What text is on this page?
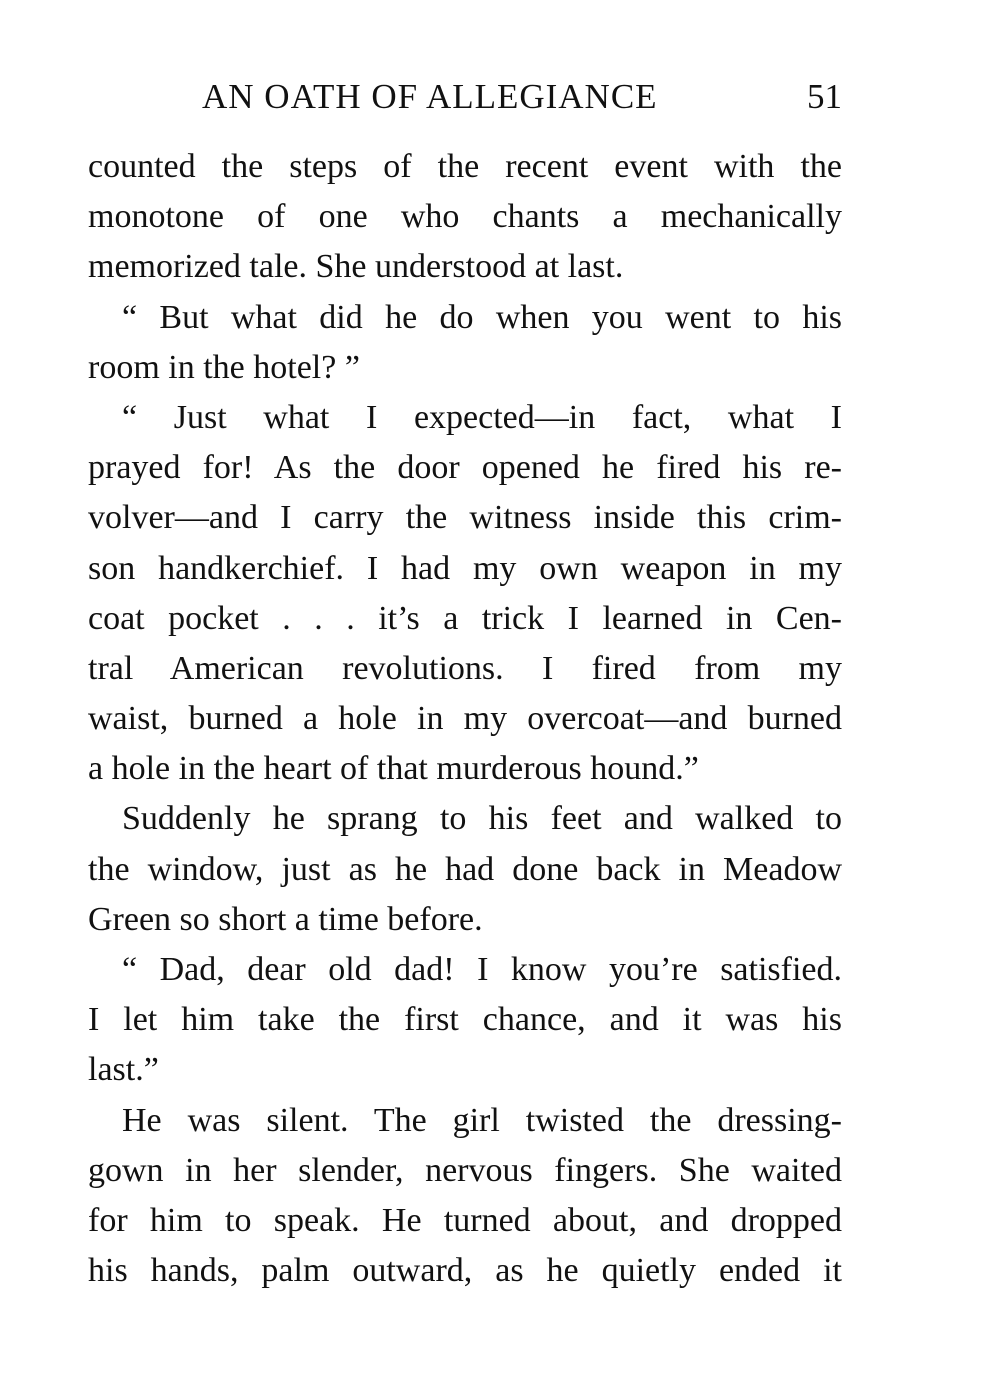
AN OATH OF ALLEGIANCE	51
counted the steps of the recent event with the
monotone of one who chants a mechanically
memorized tale. She understood at last.
“ But what did he do when you went to his
room in the hotel? ”
“ Just what I expected—in fact, what I
prayed for! As the door opened he fired his re-
volver—and I carry the witness inside this crim-
son handkerchief. I had my own weapon in my
coat pocket . . . it’s a trick I learned in Cen-
tral American revolutions. I fired from my
waist, burned a hole in my overcoat—and burned
a hole in the heart of that murderous hound.”
Suddenly he sprang to his feet and walked to
the window, just as he had done back in Meadow
Green so short a time before.
“ Dad, dear old dad! I know you’re satisfied.
I let him take the first chance, and it was his
last.”
He was silent. The girl twisted the dressing-
gown in her slender, nervous fingers. She waited
for him to speak. He turned about, and dropped
his hands, palm outward, as he quietly ended it
